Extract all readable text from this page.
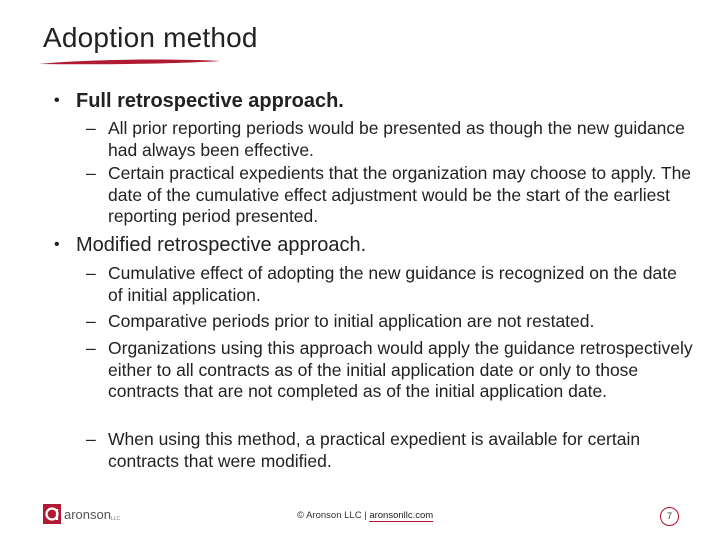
Adoption method
• Full retrospective approach.
– All prior reporting periods would be presented as though the new guidance had always been effective.
– Certain practical expedients that the organization may choose to apply. The date of the cumulative effect adjustment would be the start of the earliest reporting period presented.
• Modified retrospective approach.
– Cumulative effect of adopting the new guidance is recognized on the date of initial application.
– Comparative periods prior to initial application are not restated.
– Organizations using this approach would apply the guidance retrospectively either to all contracts as of the initial application date or only to those contracts that are not completed as of the initial application date.
– When using this method, a practical expedient is available for certain contracts that were modified.
aronson LLC	© Aronson LLC | aronsonllc.com	7
